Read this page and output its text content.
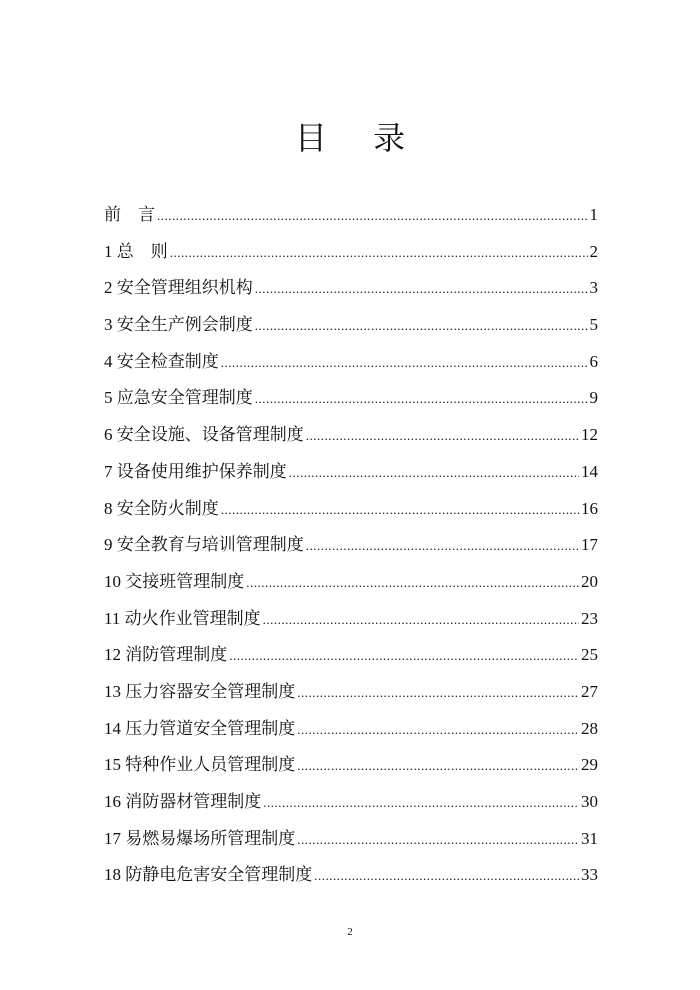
目 录
前　言 .....	1
1 总　则 .....	2
2 安全管理组织机构 .....	3
3 安全生产例会制度 .....	5
4 安全检查制度 .....	6
5 应急安全管理制度 .....	9
6 安全设施、设备管理制度 .....	12
7 设备使用维护保养制度 .....	14
8 安全防火制度 .....	16
9 安全教育与培训管理制度 .....	17
10 交接班管理制度 .....	20
11 动火作业管理制度 .....	23
12 消防管理制度 .....	25
13 压力容器安全管理制度 .....	27
14 压力管道安全管理制度 .....	28
15 特种作业人员管理制度 .....	29
16 消防器材管理制度 .....	30
17 易燃易爆场所管理制度 .....	31
18 防静电危害安全管理制度 .....	33
2
